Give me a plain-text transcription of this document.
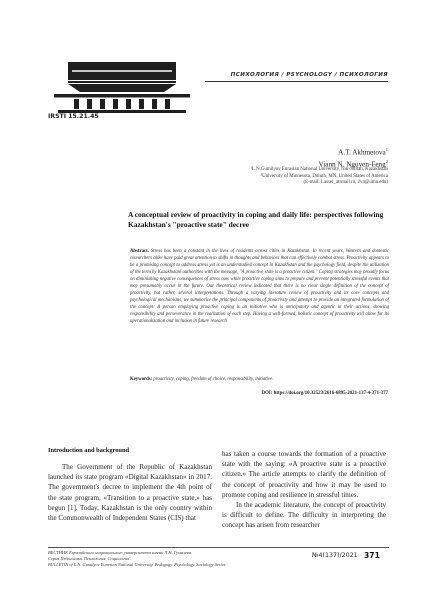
ПСИХОЛОГИЯ / PSYCHOLOGY / ПСИХОЛОГИЯ
IRSTI 15.21.45
A.T. Akhmetova$^1$
Viann N. Nguyen-Feng$^2$
¹L.N.Gumilyov Eurasian National University, Nur-Sultan, Kazakhstan
²University of Minnesota, Duluth, MN, United States of America
(E-mail: Lassel_atrmail.ru, 2vn@umn.edu)
A conceptual review of proactivity in coping and daily life: perspectives following Kazakhstan's "proactive state" decree
Abstract. Stress has been a constant in the lives of residents across cities in Kazakhstan. In recent years, Western and domestic researchers alike have paid great attention to shifts in thoughts and behaviors that can effectively combat stress. Proactivity appears to be a promising concept to address stress yet is an understudied concept in Kazakhstan and the psychology field, despite the utilization of the term by Kazakhstani authorities with the message, "A proactive state is a proactive citizen." Coping strategies may broadly focus on diminishing negative consequences of stress now while proactive coping aims to prepare and prevent potentially stressful events that may presumably occur in the future. Our theoretical review indicated that there is no clear single definition of the concept of proactivity, but rather, several interpretations. Through a varying literature review of proactivity and its core concepts and psychological mechanisms, we summarize the principal components of proactivity and attempt to provide an integrated formulation of the concept: A person employing proactive coping is an initiative who is anticipatory and agentic in their actions, showing responsibility and perseverance in the realization of each step. Having a well-formed, holistic concept of proactivity will allow for its operationalization and inclusion in future research
Keywords: proactivity, coping, freedom of choice, responsibility, initiative.
DOI: https://doi.org/10.32523/2616-6895-2021-137-4-371-377
Introduction and background

The Government of the Republic of Kazakhstan launched its state program «Digital Kazakhstan» in 2017. The government's decree to implement the 4th point of the state program, «Transition to a proactive state,» has begun [1]. Today, Kazakhstan is the only country within the Commonwealth of Independent States (CIS) that

has taken a course towards the formation of a proactive state with the saying: «A proactive state is a proactive citizen.» The article attempts to clarify the definition of the concept of proactivity and how it may be used to promote coping and resilience in stressful times.

In the academic literature, the concept of proactivity is difficult to define. The difficulty in interpreting the concept has arisen from researcher

ВЕСТНИК Евразийского национального университета имени Л.Н. Гумилева.
Серия Педагогика. Психология. Социология
BULLETIN of L.N. Gumilyov Eurasian National University. Pedagogy. Psychology. Sociology Series
№4(137)/2021 371
